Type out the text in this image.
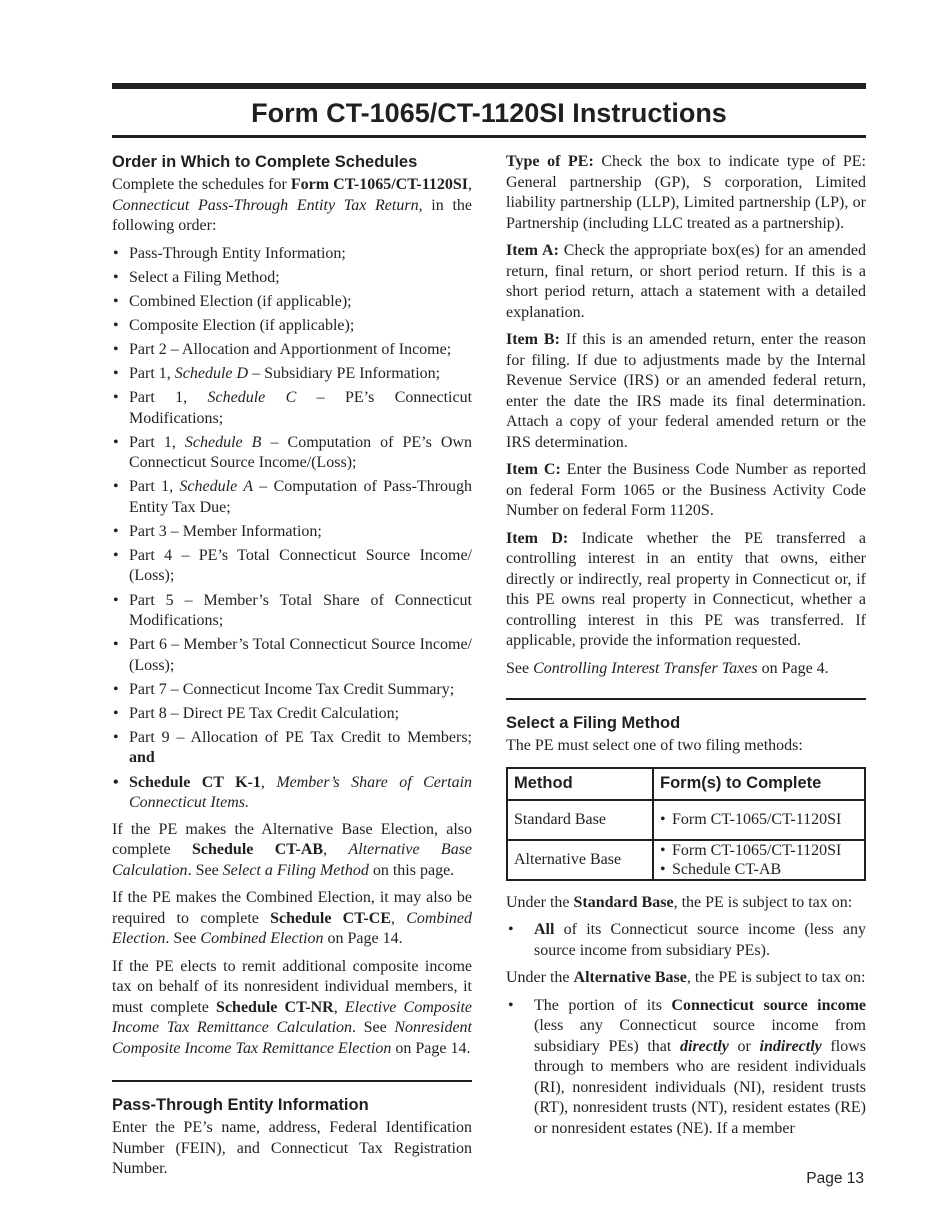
Form CT-1065/CT-1120SI Instructions
Order in Which to Complete Schedules

Complete the schedules for Form CT-1065/CT-1120SI, Connecticut Pass-Through Entity Tax Return, in the following order:

• Pass-Through Entity Information;
• Select a Filing Method;
• Combined Election (if applicable);
• Composite Election (if applicable);
• Part 2 – Allocation and Apportionment of Income;
• Part 1, Schedule D – Subsidiary PE Information;
• Part 1, Schedule C – PE’s Connecticut Modifications;
• Part 1, Schedule B – Computation of PE’s Own Connecticut Source Income/(Loss);
• Part 1, Schedule A – Computation of Pass-Through Entity Tax Due;
• Part 3 – Member Information;
• Part 4 – PE’s Total Connecticut Source Income/ (Loss);
• Part 5 – Member’s Total Share of Connecticut Modifications;
• Part 6 – Member’s Total Connecticut Source Income/ (Loss);
• Part 7 – Connecticut Income Tax Credit Summary;
• Part 8 – Direct PE Tax Credit Calculation;
• Part 9 – Allocation of PE Tax Credit to Members; and
• Schedule CT K-1, Member’s Share of Certain Connecticut Items.

If the PE makes the Alternative Base Election, also complete Schedule CT-AB, Alternative Base Calculation. See Select a Filing Method on this page.

If the PE makes the Combined Election, it may also be required to complete Schedule CT-CE, Combined Election. See Combined Election on Page 14.

If the PE elects to remit additional composite income tax on behalf of its nonresident individual members, it must complete Schedule CT-NR, Elective Composite Income Tax Remittance Calculation. See Nonresident Composite Income Tax Remittance Election on Page 14.

Pass-Through Entity Information

Enter the PE’s name, address, Federal Identification Number (FEIN), and Connecticut Tax Registration Number.

Type of PE: Check the box to indicate type of PE: General partnership (GP), S corporation, Limited liability partnership (LLP), Limited partnership (LP), or Partnership (including LLC treated as a partnership).

Item A: Check the appropriate box(es) for an amended return, final return, or short period return. If this is a short period return, attach a statement with a detailed explanation.

Item B: If this is an amended return, enter the reason for filing. If due to adjustments made by the Internal Revenue Service (IRS) or an amended federal return, enter the date the IRS made its final determination. Attach a copy of your federal amended return or the IRS determination.

Item C: Enter the Business Code Number as reported on federal Form 1065 or the Business Activity Code Number on federal Form 1120S.

Item D: Indicate whether the PE transferred a controlling interest in an entity that owns, either directly or indirectly, real property in Connecticut or, if this PE owns real property in Connecticut, whether a controlling interest in this PE was transferred. If applicable, provide the information requested.

See Controlling Interest Transfer Taxes on Page 4.

Select a Filing Method

The PE must select one of two filing methods:

Method	Form(s) to Complete
Standard Base	• Form CT-1065/CT-1120SI

Alternative Base	• Form CT-1065/CT-1120SI
• Schedule CT-AB

Under the Standard Base, the PE is subject to tax on:

• All of its Connecticut source income (less any source income from subsidiary PEs).

Under the Alternative Base, the PE is subject to tax on:

• The portion of its Connecticut source income (less any Connecticut source income from subsidiary PEs) that directly or indirectly flows through to members who are resident individuals (RI), nonresident individuals (NI), resident trusts (RT), nonresident trusts (NT), resident estates (RE) or nonresident estates (NE). If a member
Page 13
